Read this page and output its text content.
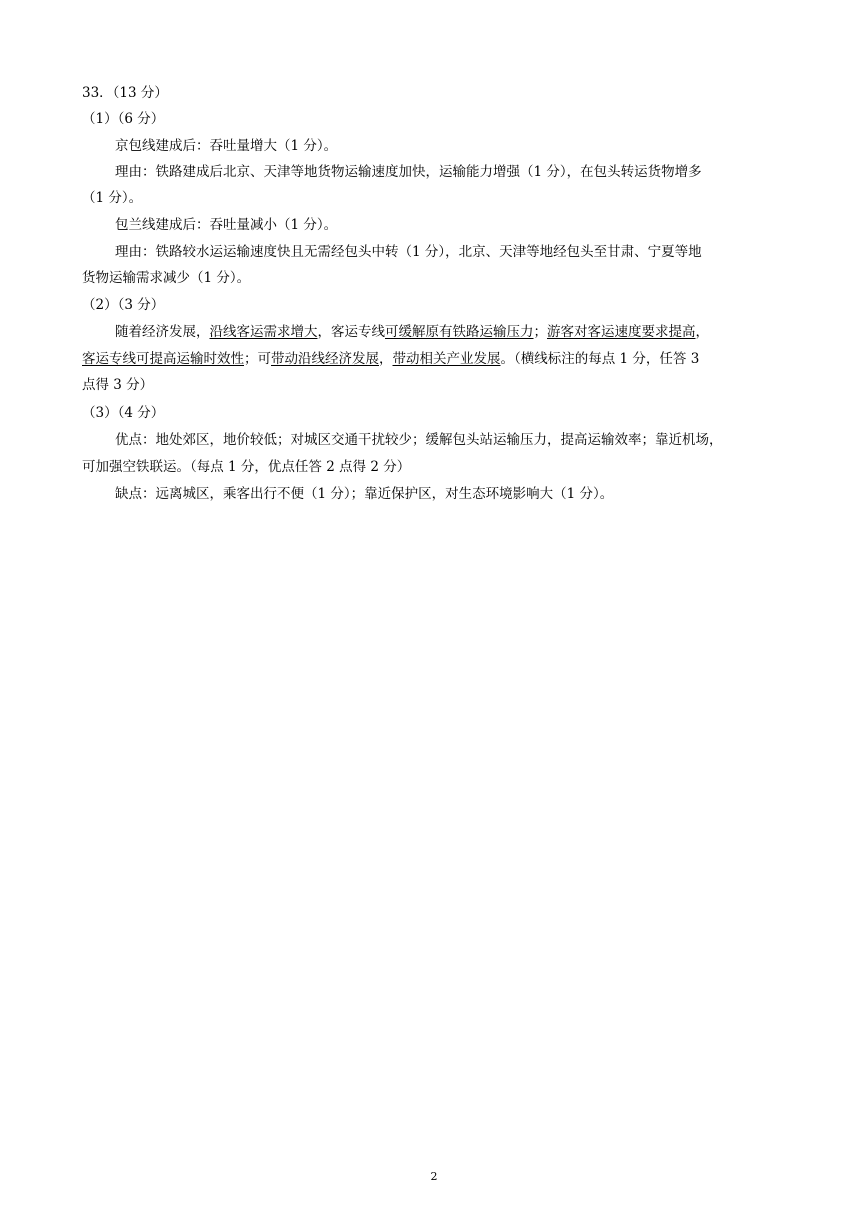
33．（13 分）
（1）（6 分）
京包线建成后：吞吐量增大（1 分）。
理由：铁路建成后北京、天津等地货物运输速度加快，运输能力增强（1 分），在包头转运货物增多
（1 分）。
包兰线建成后：吞吐量减小（1 分）。
理由：铁路较水运运输速度快且无需经包头中转（1 分），北京、天津等地经包头至甘肃、宁夏等地
货物运输需求减少（1 分）。
（2）（3 分）
随着经济发展，沿线客运需求增大，客运专线可缓解原有铁路运输压力；游客对客运速度要求提高，
客运专线可提高运输时效性；可带动沿线经济发展，带动相关产业发展。（横线标注的每点 1 分，任答 3
点得 3 分）
（3）（4 分）
优点：地处郊区，地价较低；对城区交通干扰较少；缓解包头站运输压力，提高运输效率；靠近机场，
可加强空铁联运。（每点 1 分，优点任答 2 点得 2 分）
缺点：远离城区，乘客出行不便（1 分）；靠近保护区，对生态环境影响大（1 分）。
2
